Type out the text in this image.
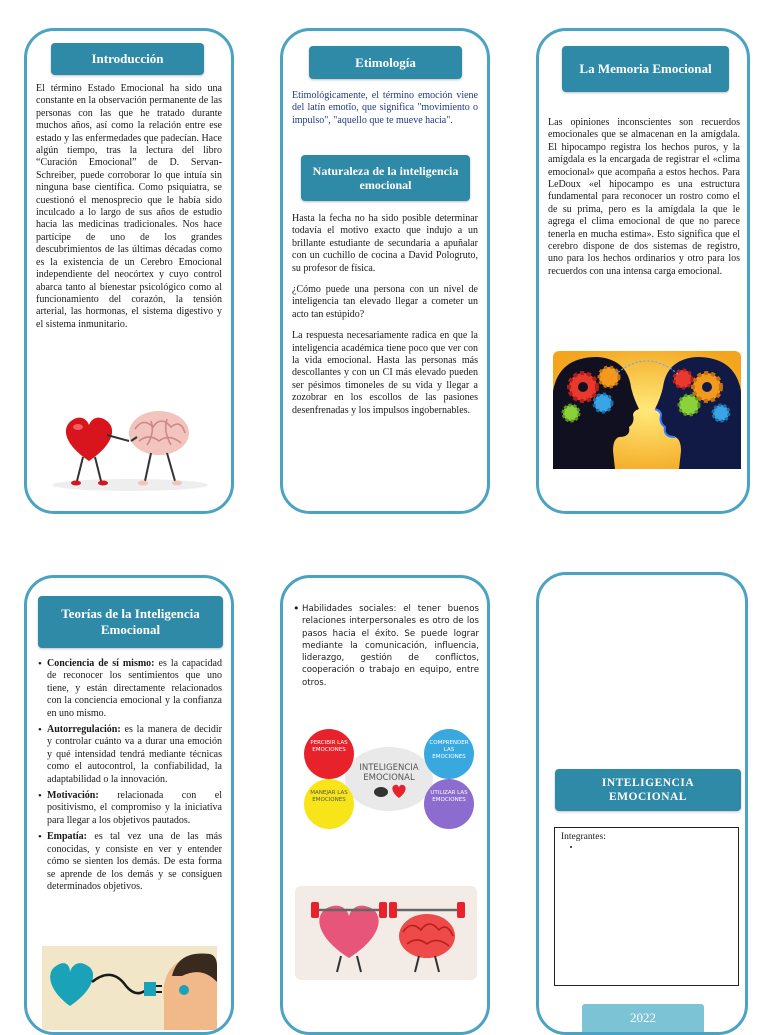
Introducción
El término Estado Emocional ha sido una constante en la observación permanente de las personas con las que he tratado durante muchos años, así como la relación entre ese estado y las enfermedades que padecían. Hace algún tiempo, tras la lectura del libro “Curación Emocional” de D. Servan- Schreiber, puede corroborar lo que intuía sin ninguna base científica. Como psiquiatra, se cuestionó el menosprecio que le había sido inculcado a lo largo de sus años de estudio hacia las medicinas tradicionales. Nos hace partícipe de uno de los grandes descubrimientos de las últimas décadas como es la existencia de un Cerebro Emocional independiente del neocórtex y cuyo control abarca tanto al bienestar psicológico como al funcionamiento del corazón, la tensión arterial, las hormonas, el sistema digestivo y el sistema inmunitario.
Etimología
Etimológicamente, el término emoción viene del latín emotĭo, que significa "movimiento o impulso", "aquello que te mueve hacia".
Naturaleza de la inteligencia emocional

Hasta la fecha no ha sido posible determinar todavía el motivo exacto que indujo a un brillante estudiante de secundaria a apuñalar con un cuchillo de cocina a David Pologruto, su profesor de física.

¿Cómo puede una persona con un nivel de inteligencia tan elevado llegar a cometer un acto tan estúpido?

La respuesta necesariamente radica en que la inteligencia académica tiene poco que ver con la vida emocional. Hasta las personas más descollantes y con un CI más elevado pueden ser pésimos timoneles de su vida y llegar a zozobrar en los escollos de las pasiones desenfrenadas y los impulsos ingobernables.

La Memoria Emocional
Las opiniones inconscientes son recuerdos emocionales que se almacenan en la amígdala. El hipocampo registra los hechos puros, y la amígdala es la encargada de registrar el «clima emocional» que acompaña a estos hechos. Para LeDoux «el hipocampo es una estructura fundamental para reconocer un rostro como el de su prima, pero es la amígdala la que le agrega el clima emocional de que no parece tenerla en mucha estima». Esto significa que el cerebro dispone de dos sistemas de registro, uno para los hechos ordinarios y otro para los recuerdos con una intensa carga emocional.
Teorías de la Inteligencia Emocional
• Conciencia de sí mismo: es la capacidad de reconocer los sentimientos que uno tiene, y están directamente relacionados con la conciencia emocional y la confianza en uno mismo.
• Autorregulación: es la manera de decidir y controlar cuánto va a durar una emoción y qué intensidad tendrá mediante técnicas como el autocontrol, la confiabilidad, la adaptabilidad o la innovación.
• Motivación: relacionada con el positivismo, el compromiso y la iniciativa para llegar a los objetivos pautados.
• Empatía: es tal vez una de las más conocidas, y consiste en ver y entender cómo se sienten los demás. De esta forma se aprende de los demás y se consiguen determinados objetivos.
• Habilidades sociales: el tener buenos relaciones interpersonales es otro de los pasos hacia el éxito. Se puede lograr mediante la comunicación, influencia, liderazgo, gestión de conflictos, cooperación o trabajo en equipo, entre otros.
INTELIGENCIA
EMOCIONAL
PERCIBIR LAS EMOCIONES
COMPRENDER LAS EMOCIONES
MANEJAR LAS EMOCIONES
UTILIZAR LAS EMOCIONES
INTELIGENCIA EMOCIONAL
Integrantes:
•
2022
